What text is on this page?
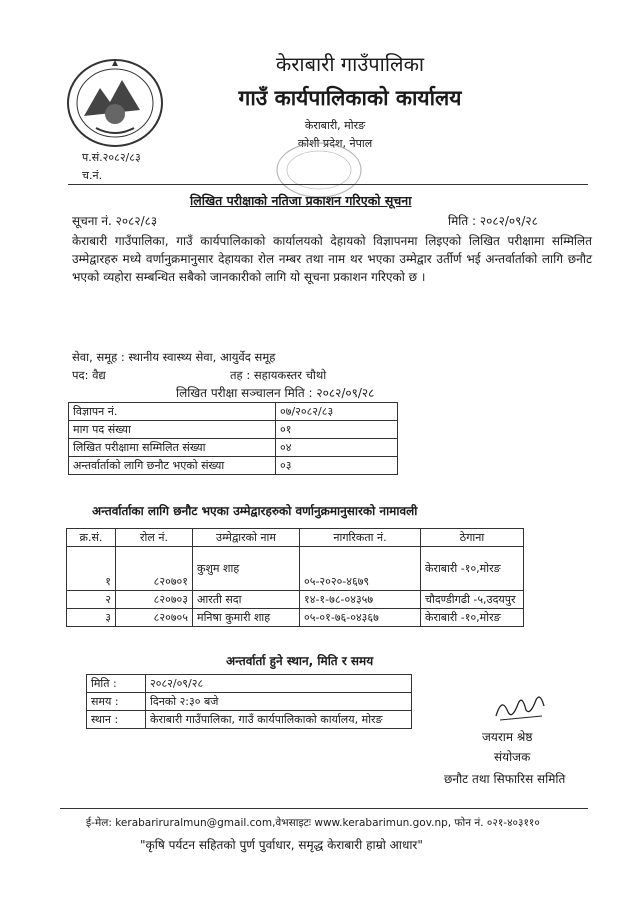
केराबारी गाउँपालिका
गाउँ कार्यपालिकाको कार्यालय
केराबारी, मोरङ
कोशी प्रदेश, नेपाल
प.सं.२०८२/८३
च.नं.
लिखित परीक्षाको नतिजा प्रकाशन गरिएको सूचना
सूचना नं. २०८२/८३	मिति : २०८२/०९/२८
केराबारी गाउँपालिका, गाउँ कार्यपालिकाको कार्यालयको देहायको विज्ञापनमा लिइएको लिखित परीक्षामा सम्मिलित उम्मेद्वारहरु मध्ये वर्णानुक्रमानुसार देहायका रोल नम्बर तथा नाम थर भएका उम्मेद्वार उर्तीर्ण भई अन्तर्वार्ताको लागि छनौट भएको व्यहोरा सम्बन्धित सबैको जानकारीको लागि यो सूचना प्रकाशन गरिएको छ ।
सेवा, समूह : स्थानीय स्वास्थ्य सेवा, आयुर्वेद समूह
पद: वैद्य	तह : सहायकस्तर चौथो
लिखित परीक्षा सञ्चालन मिति : २०८२/०९/२८
विज्ञापन नं.	०७/२०८२/८३
माग पद संख्या	०१
लिखित परीक्षामा सम्मिलित संख्या	०४
अन्तर्वार्ताको लागि छनौट भएको संख्या	०३
अन्तर्वार्ताका लागि छनौट भएका उम्मेद्वारहरुको वर्णानुक्रमानुसारको नामावली
क्र.सं.	रोल नं.	उम्मेद्वारको नाम	नागरिकता नं.	ठेगाना
१	८२०७०१	कुशुम शाह	०५-२०२०-४६७९	केराबारी -१०,मोरङ
२	८२०७०३	आरती सदा	१४-१-७८-०४३५७	चौदण्डीगढी -५,उदयपुर
३	८२०७०५	मनिषा कुमारी शाह	०५-०१-७६-०४३६७	केराबारी -१०,मोरङ
अन्तर्वार्ता हुने स्थान, मिति र समय
मिति :	२०८२/०९/२८
समय :	दिनको २:३० बजे
स्थान :	केराबारी गाउँपालिका, गाउँ कार्यपालिकाको कार्यालय, मोरङ
जयराम श्रेष्ठ
संयोजक
छनौट तथा सिफारिस समिति
ई-मेल: kerabariruralmun@gmail.com,वेभसाइटः www.kerabarimun.gov.np, फोन नं. ०२१-४०३११०
"कृषि पर्यटन सहितको पुर्ण पुर्वाधार, समृद्ध केराबारी हाम्रो आधार"
